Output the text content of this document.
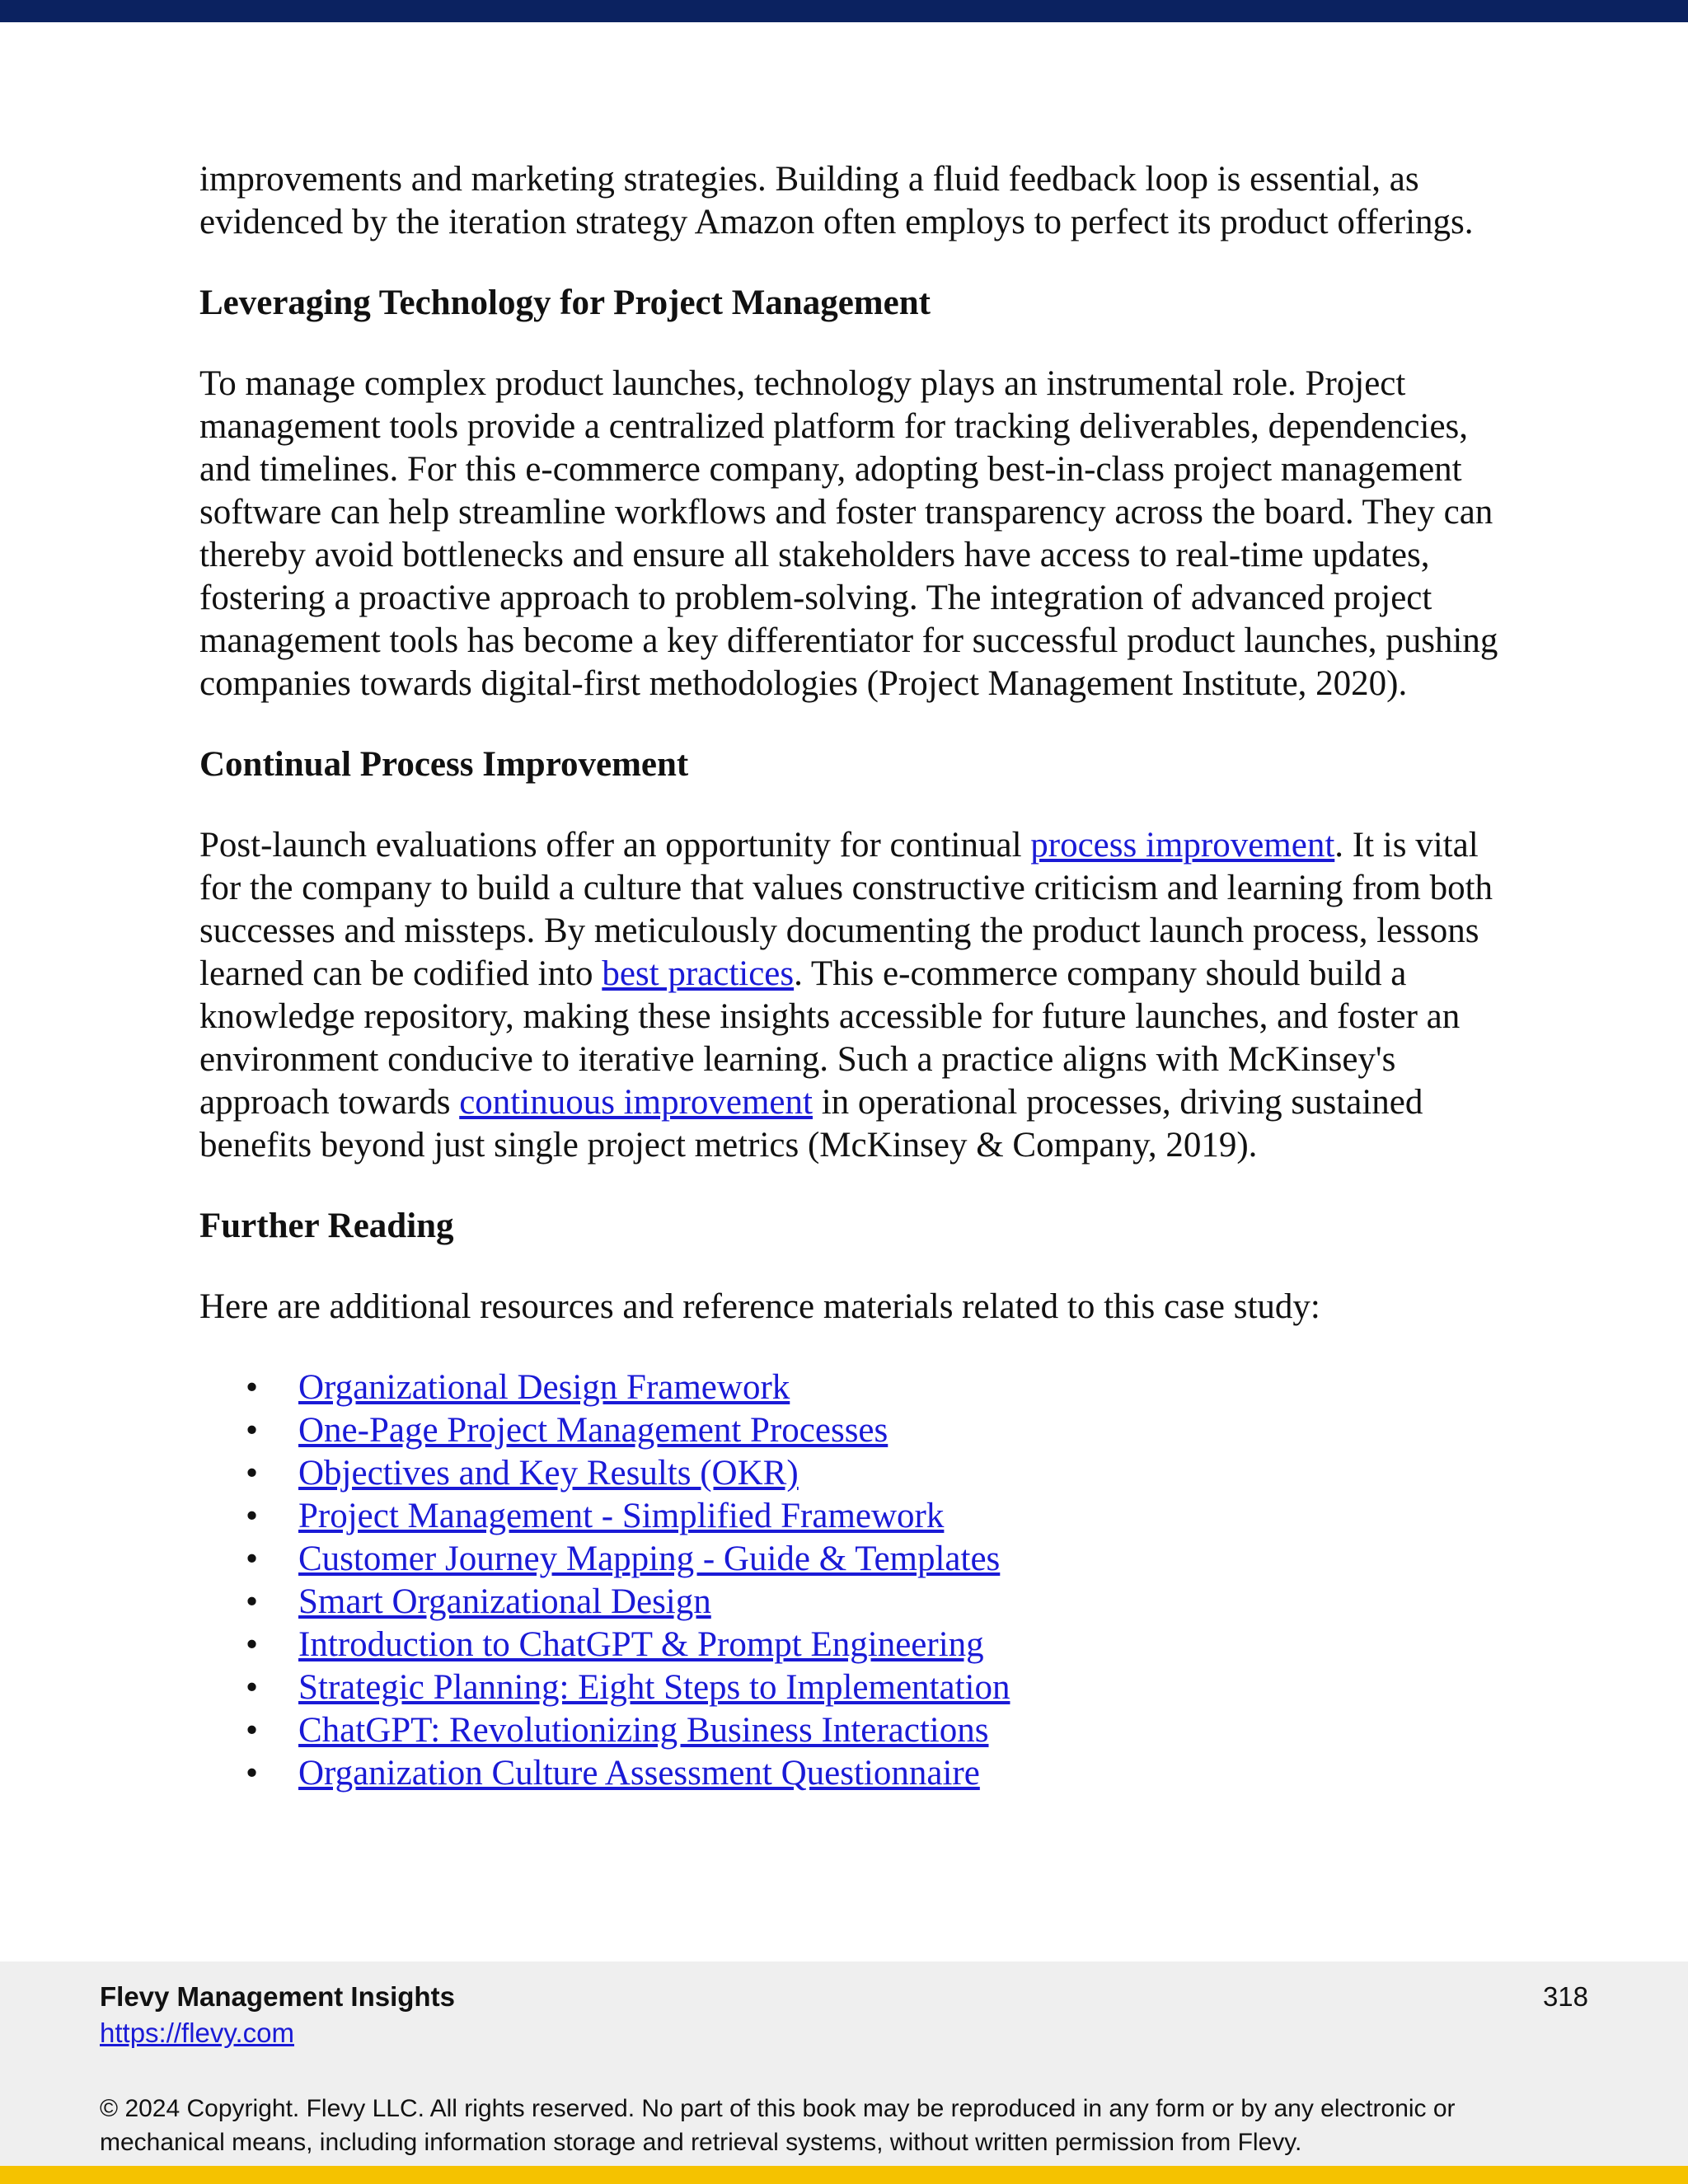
improvements and marketing strategies. Building a fluid feedback loop is essential, as evidenced by the iteration strategy Amazon often employs to perfect its product offerings.

Leveraging Technology for Project Management

To manage complex product launches, technology plays an instrumental role. Project management tools provide a centralized platform for tracking deliverables, dependencies, and timelines. For this e-commerce company, adopting best-in-class project management software can help streamline workflows and foster transparency across the board. They can thereby avoid bottlenecks and ensure all stakeholders have access to real-time updates, fostering a proactive approach to problem-solving. The integration of advanced project management tools has become a key differentiator for successful product launches, pushing companies towards digital-first methodologies (Project Management Institute, 2020).

Continual Process Improvement

Post-launch evaluations offer an opportunity for continual process improvement. It is vital for the company to build a culture that values constructive criticism and learning from both successes and missteps. By meticulously documenting the product launch process, lessons learned can be codified into best practices. This e-commerce company should build a knowledge repository, making these insights accessible for future launches, and foster an environment conducive to iterative learning. Such a practice aligns with McKinsey's approach towards continuous improvement in operational processes, driving sustained benefits beyond just single project metrics (McKinsey & Company, 2019).

Further Reading

Here are additional resources and reference materials related to this case study:

• Organizational Design Framework
• One-Page Project Management Processes
• Objectives and Key Results (OKR)
• Project Management - Simplified Framework
• Customer Journey Mapping - Guide & Templates
• Smart Organizational Design
• Introduction to ChatGPT & Prompt Engineering
• Strategic Planning: Eight Steps to Implementation
• ChatGPT: Revolutionizing Business Interactions
• Organization Culture Assessment Questionnaire
Flevy Management Insights
https://flevy.com
318
© 2024 Copyright. Flevy LLC. All rights reserved. No part of this book may be reproduced in any form or by any electronic or mechanical means, including information storage and retrieval systems, without written permission from Flevy.
